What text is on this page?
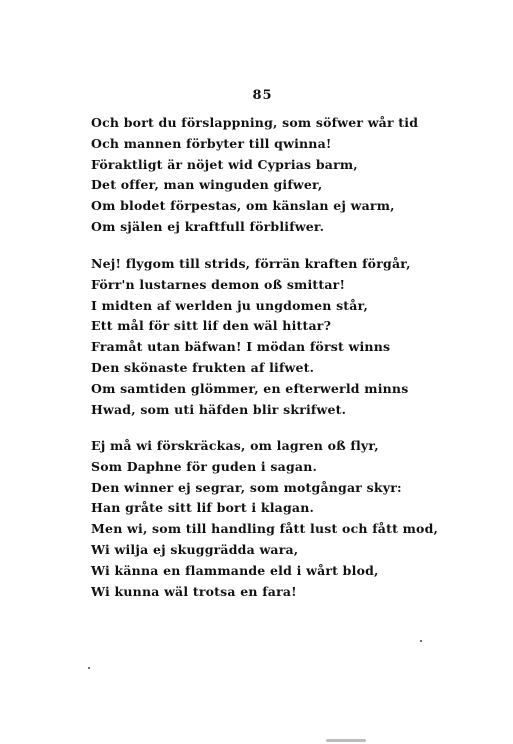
85
Och bort du förslappning, som söfwer wår tid
Och mannen förbyter till qwinna!
Föraktligt är nöjet wid Cyprias barm,
Det offer, man winguden gifwer,
Om blodet förpestas, om känslan ej warm,
Om själen ej kraftfull förblifwer.
Nej! flygom till strids, förrän kraften förgår,
Förr'n lustarnes demon oß smittar!
I midten af werlden ju ungdomen står,
Ett mål för sitt lif den wäl hittar?
Framåt utan bäfwan! I mödan först winns
Den skönaste frukten af lifwet.
Om samtiden glömmer, en efterwerld minns
Hwad, som uti häfden blir skrifwet.
Ej må wi förskräckas, om lagren oß flyr,
Som Daphne för guden i sagan.
Den winner ej segrar, som motgångar skyr:
Han gråte sitt lif bort i klagan.
Men wi, som till handling fått lust och fått mod,
Wi wilja ej skuggrädda wara,
Wi känna en flammande eld i wårt blod,
Wi kunna wäl trotsa en fara!
